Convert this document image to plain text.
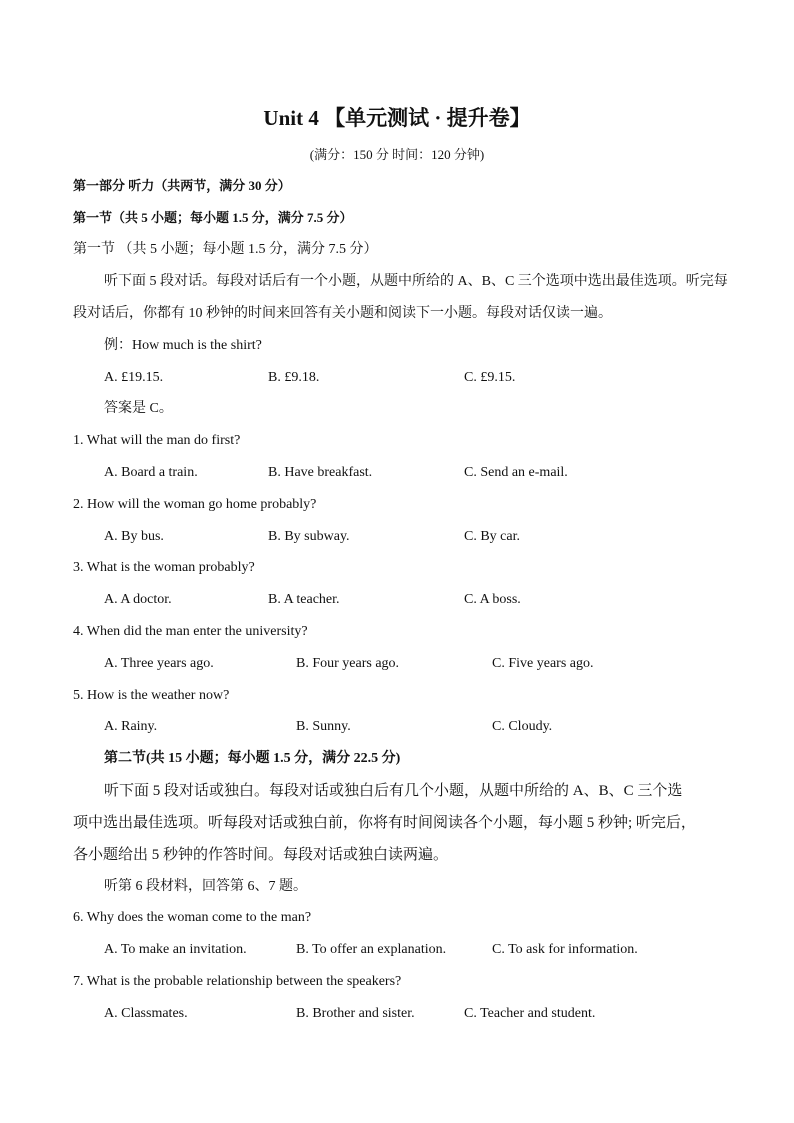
Unit 4 【单元测试 · 提升卷】
(满分：150 分 时间：120 分钟)
第一部分 听力（共两节，满分 30 分）
第一节（共 5 小题；每小题 1.5 分，满分 7.5 分）
第一节 （共 5 小题；每小题 1.5 分，满分 7.5 分）
听下面 5 段对话。每段对话后有一个小题，从题中所给的 A、B、C 三个选项中选出最佳选项。听完每
段对话后，你都有 10 秒钟的时间来回答有关小题和阅读下一小题。每段对话仅读一遍。
例：How much is the shirt?
A. £19.15.	B. £9.18.	C. £9.15.
答案是 C。
1. What will the man do first?
A. Board a train.	B. Have breakfast.	C. Send an e-mail.
2. How will the woman go home probably?
A. By bus.	B. By subway.	C. By car.
3. What is the woman probably?
A. A doctor.	B. A teacher.	C. A boss.
4. When did the man enter the university?
A. Three years ago.	B. Four years ago.	C. Five years ago.
5. How is the weather now?
A. Rainy.	B. Sunny.	C. Cloudy.
第二节(共 15 小题；每小题 1.5 分，满分 22.5 分)
听下面 5 段对话或独白。每段对话或独白后有几个小题，从题中所给的 A、B、C 三个选
项中选出最佳选项。听每段对话或独白前，你将有时间阅读各个小题，每小题 5 秒钟; 听完后，
各小题给出 5 秒钟的作答时间。每段对话或独白读两遍。
听第 6 段材料，回答第 6、7 题。
6. Why does the woman come to the man?
A. To make an invitation.	B. To offer an explanation.	C. To ask for information.
7. What is the probable relationship between the speakers?
A. Classmates.	B. Brother and sister.	C. Teacher and student.
